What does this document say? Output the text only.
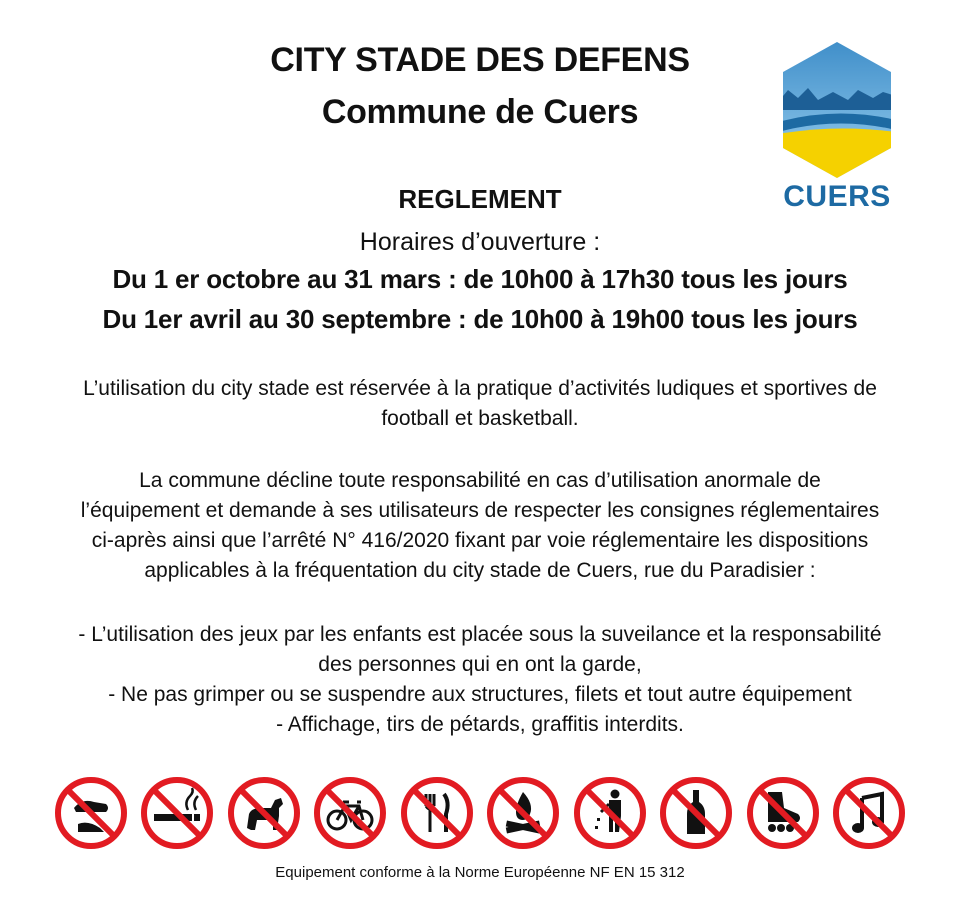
CITY STADE DES DEFENS
Commune de Cuers
CUERS
REGLEMENT
Horaires d’ouverture :
Du 1 er octobre au 31 mars : de 10h00 à 17h30 tous les jours
Du 1er avril au 30 septembre : de 10h00 à 19h00 tous les jours
L’utilisation du city stade est réservée à la pratique d’activités ludiques et sportives de
football et basketball.
La commune décline toute responsabilité en cas d’utilisation anormale de
l’équipement et demande à ses utilisateurs de respecter les consignes réglementaires
ci-après ainsi que l’arrêté N° 416/2020 fixant par voie réglementaire les dispositions
applicables à la fréquentation du city stade de Cuers, rue du Paradisier :
- L’utilisation des jeux par les enfants est placée sous la suveilance et la responsabilité
des personnes qui en ont la garde,
- Ne pas grimper ou se suspendre aux structures, filets et tout autre équipement
- Affichage, tirs de pétards, graffitis interdits.
Equipement conforme à la Norme Européenne NF EN 15 312
